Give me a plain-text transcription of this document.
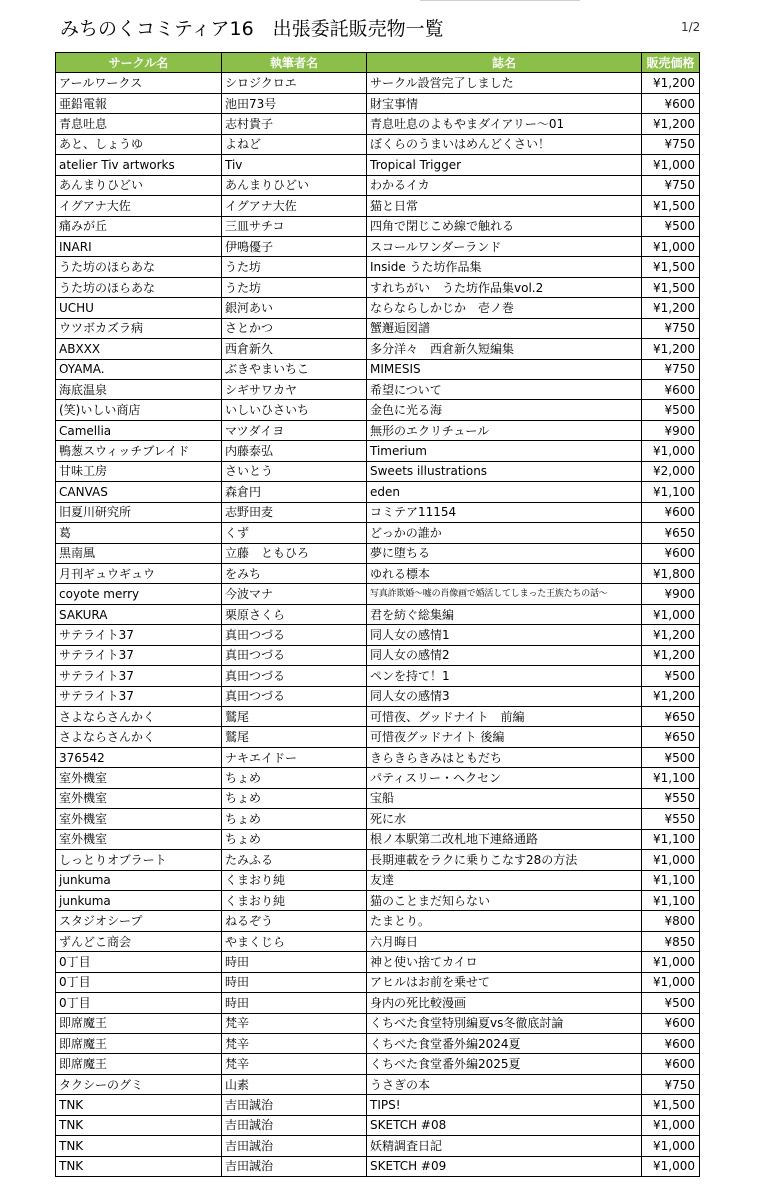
みちのくコミティア16　出張委託販売物一覧	1/2
サークル名	執筆者名	誌名	販売価格
アールワークス	シロジクロエ	サークル設営完了しました	¥1,200
亜鉛電報	池田73号	財宝事情	¥600
青息吐息	志村貴子	青息吐息のよもやまダイアリー～01	¥1,200
あと、しょうゆ	よねど	ぼくらのうまいはめんどくさい！	¥750
atelier Tiv artworks	Tiv	Tropical Trigger	¥1,000
あんまりひどい	あんまりひどい	わかるイカ	¥750
イグアナ大佐	イグアナ大佐	猫と日常	¥1,500
痛みが丘	三皿サチコ	四角で閉じこめ線で触れる	¥500
INARI	伊鳴優子	スコールワンダーランド	¥1,000
うた坊のほらあな	うた坊	Inside うた坊作品集	¥1,500
うた坊のほらあな	うた坊	すれちがい　うた坊作品集vol.2	¥1,500
UCHU	銀河あい	ならならしかじか　壱ノ巻	¥1,200
ウツボカズラ病	さとかつ	蟹邂逅図譜	¥750
ABXXX	西倉新久	多分洋々　西倉新久短編集	¥1,200
OYAMA.	ぶきやまいちこ	MIMESIS	¥750
海底温泉	シギサワカヤ	希望について	¥600
(笑)いしい商店	いしいひさいち	金色に光る海	¥500
Camellia	マツダイヨ	無形のエクリチュール	¥900
鴨葱スウィッチブレイド	内藤泰弘	Timerium	¥1,000
甘味工房	さいとう	Sweets illustrations	¥2,000
CANVAS	森倉円	eden	¥1,100
旧夏川研究所	志野田麦	コミテア11154	¥600
葛	くず	どっかの誰か	¥650
黒南風	立藤　ともひろ	夢に堕ちる	¥600
月刊ギュウギュウ	をみち	ゆれる標本	¥1,800
coyote merry	今波マナ	写真詐欺婚～嘘の肖像画で婚活してしまった王族たちの話～	¥900
SAKURA	栗原さくら	君を紡ぐ総集編	¥1,000
サテライト37	真田つづる	同人女の感情1	¥1,200
サテライト37	真田つづる	同人女の感情2	¥1,200
サテライト37	真田つづる	ペンを持て！1	¥500
サテライト37	真田つづる	同人女の感情3	¥1,200
さよならさんかく	鷲尾	可惜夜、グッドナイト　前編	¥650
さよならさんかく	鷲尾	可惜夜グッドナイト 後編	¥650
376542	ナキエイドー	きらきらきみはともだち	¥500
室外機室	ちょめ	パティスリー・ヘクセン	¥1,100
室外機室	ちょめ	宝船	¥550
室外機室	ちょめ	死に水	¥550
室外機室	ちょめ	根ノ本駅第二改札地下連絡通路	¥1,100
しっとりオブラート	たみふる	長期連載をラクに乗りこなす28の方法	¥1,000
junkuma	くまおり純	友達	¥1,100
junkuma	くまおり純	猫のことまだ知らない	¥1,100
スタジオシープ	ねるぞう	たまとり。	¥800
ずんどこ商会	やまくじら	六月晦日	¥850
0丁目	時田	神と使い捨てカイロ	¥1,000
0丁目	時田	アヒルはお前を乗せて	¥1,000
0丁目	時田	身内の死比較漫画	¥500
即席魔王	梵辛	くちべた食堂特別編夏vs冬徹底討論	¥600
即席魔王	梵辛	くちべた食堂番外編2024夏	¥600
即席魔王	梵辛	くちべた食堂番外編2025夏	¥600
タクシーのグミ	山素	うさぎの本	¥750
TNK	吉田誠治	TIPS!	¥1,500
TNK	吉田誠治	SKETCH #08	¥1,000
TNK	吉田誠治	妖精調査日記	¥1,000
TNK	吉田誠治	SKETCH #09	¥1,000
